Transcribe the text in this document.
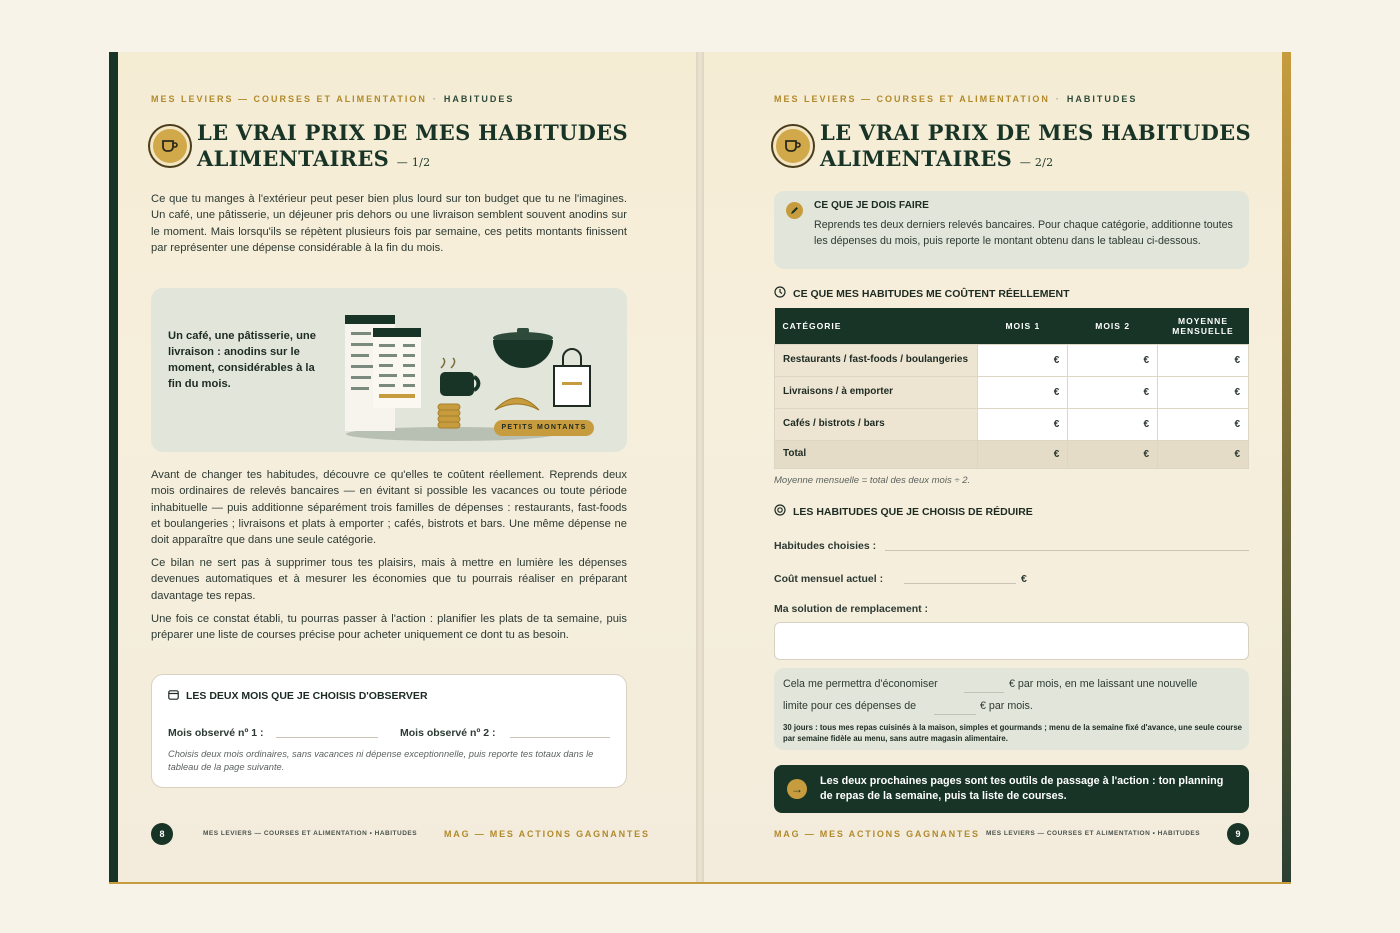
MES LEVIERS — COURSES ET ALIMENTATION · HABITUDES
LE VRAI PRIX DE MES HABITUDES
ALIMENTAIRES — 1/2

Ce que tu manges à l'extérieur peut peser bien plus lourd sur ton budget que tu ne l'imagines. Un café, une pâtisserie, un déjeuner pris dehors ou une livraison semblent souvent anodins sur le moment. Mais lorsqu'ils se répètent plusieurs fois par semaine, ces petits montants finissent par représenter une dépense considérable à la fin du mois.

Un café, une pâtisserie, une livraison : anodins sur le moment, considérables à la fin du mois.
PETITS MONTANTS

Avant de changer tes habitudes, découvre ce qu'elles te coûtent réellement. Reprends deux mois ordinaires de relevés bancaires — en évitant si possible les vacances ou toute période inhabituelle — puis additionne séparément trois familles de dépenses : restaurants, fast-foods et boulangeries ; livraisons et plats à emporter ; cafés, bistrots et bars. Une même dépense ne doit apparaître que dans une seule catégorie.

Ce bilan ne sert pas à supprimer tous tes plaisirs, mais à mettre en lumière les dépenses devenues automatiques et à mesurer les économies que tu pourrais réaliser en préparant davantage tes repas.

Une fois ce constat établi, tu pourras passer à l'action : planifier les plats de ta semaine, puis préparer une liste de courses précise pour acheter uniquement ce dont tu as besoin.

LES DEUX MOIS QUE JE CHOISIS D'OBSERVER
Mois observé nº 1 :	Mois observé nº 2 :
Choisis deux mois ordinaires, sans vacances ni dépense exceptionnelle, puis reporte tes totaux dans le tableau de la page suivante.
8	MES LEVIERS — COURSES ET ALIMENTATION • HABITUDES	MAG — MES ACTIONS GAGNANTES
MES LEVIERS — COURSES ET ALIMENTATION · HABITUDES
LE VRAI PRIX DE MES HABITUDES
ALIMENTAIRES — 2/2
CE QUE JE DOIS FAIRE
Reprends tes deux derniers relevés bancaires. Pour chaque catégorie, additionne toutes les dépenses du mois, puis reporte le montant obtenu dans le tableau ci-dessous.
CE QUE MES HABITUDES ME COÛTENT RÉELLEMENT
CATÉGORIE	MOIS 1	MOIS 2	MOYENNE MENSUELLE
Restaurants / fast-foods / boulangeries	€	€	€
Livraisons / à emporter	€	€	€
Cafés / bistrots / bars	€	€	€
Total	€	€	€
Moyenne mensuelle = total des deux mois ÷ 2.
LES HABITUDES QUE JE CHOISIS DE RÉDUIRE
Habitudes choisies :
Coût mensuel actuel :	€
Ma solution de remplacement :
Cela me permettra d'économiser	€ par mois, en me laissant une nouvelle
limite pour ces dépenses de	€ par mois.
30 jours : tous mes repas cuisinés à la maison, simples et gourmands ; menu de la semaine fixé d'avance, une seule course par semaine fidèle au menu, sans autre magasin alimentaire.
→
Les deux prochaines pages sont tes outils de passage à l'action : ton planning de repas de la semaine, puis ta liste de courses.
MAG — MES ACTIONS GAGNANTES MES LEVIERS — COURSES ET ALIMENTATION • HABITUDES	9
